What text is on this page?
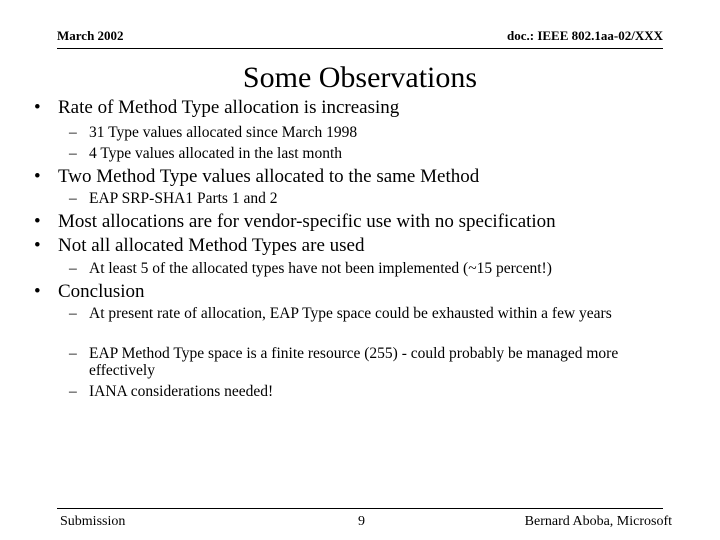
March 2002	doc.: IEEE 802.1aa-02/XXX
Some Observations
• Rate of Method Type allocation is increasing
– 31 Type values allocated since March 1998
– 4 Type values allocated in the last month
• Two Method Type values allocated to the same Method
– EAP SRP-SHA1 Parts 1 and 2
• Most allocations are for vendor-specific use with no specification
• Not all allocated Method Types are used
– At least 5 of the allocated types have not been implemented (~15 percent!)
• Conclusion
– At present rate of allocation, EAP Type space could be exhausted within a few years
– EAP Method Type space is a finite resource (255) - could probably be managed more effectively
– IANA considerations needed!
Submission	9	Bernard Aboba, Microsoft
